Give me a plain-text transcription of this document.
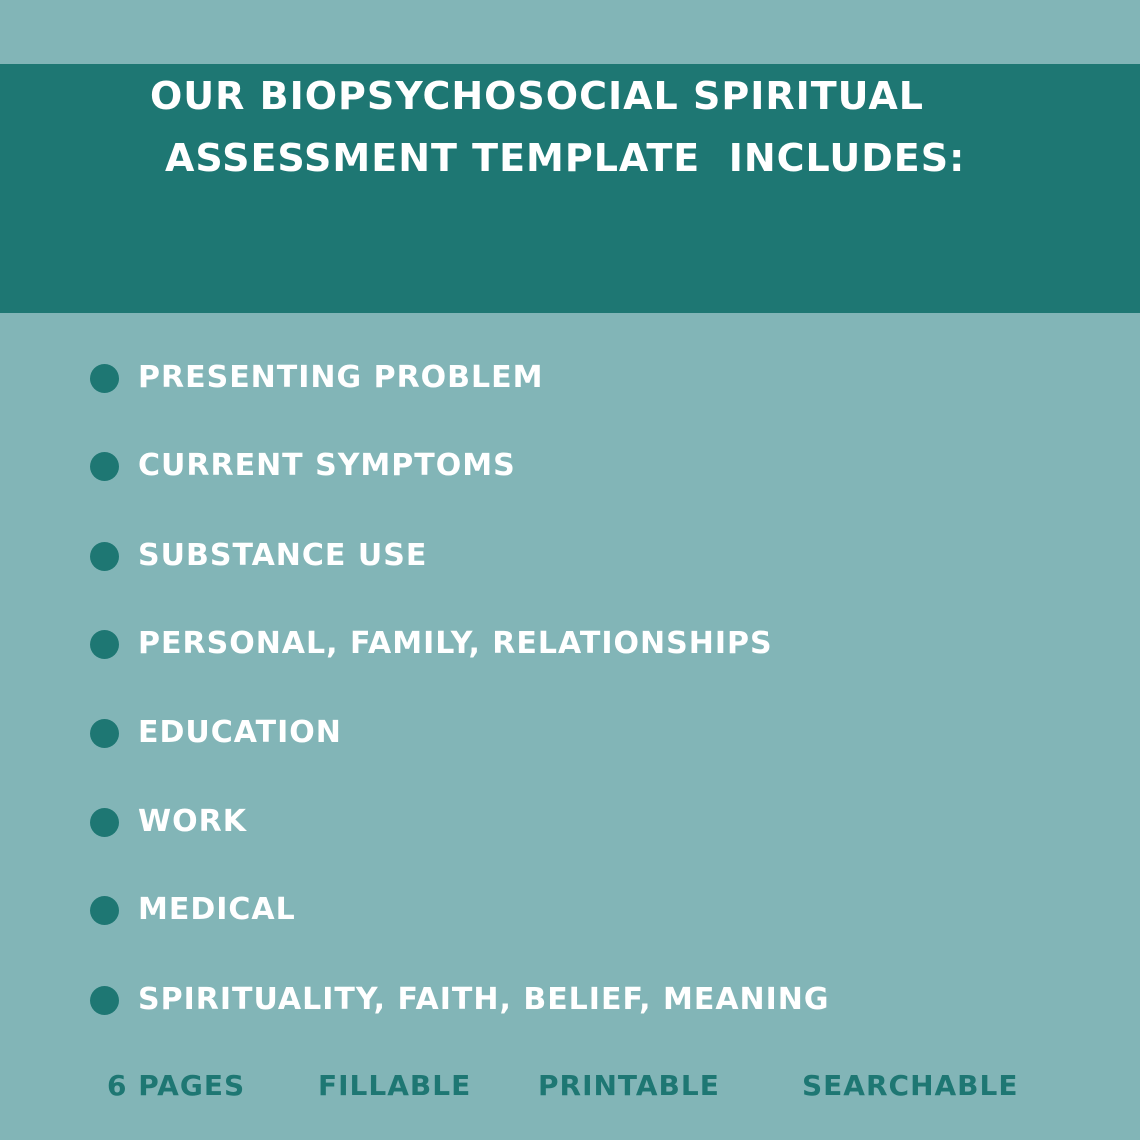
OUR BIOPSYCHOSOCIAL SPIRITUAL
ASSESSMENT TEMPLATE  INCLUDES:
PRESENTING PROBLEM
CURRENT SYMPTOMS
SUBSTANCE USE
PERSONAL, FAMILY, RELATIONSHIPS
EDUCATION
WORK
MEDICAL
SPIRITUALITY, FAITH, BELIEF, MEANING
6 PAGES	FILLABLE PRINTABLE	SEARCHABLE
